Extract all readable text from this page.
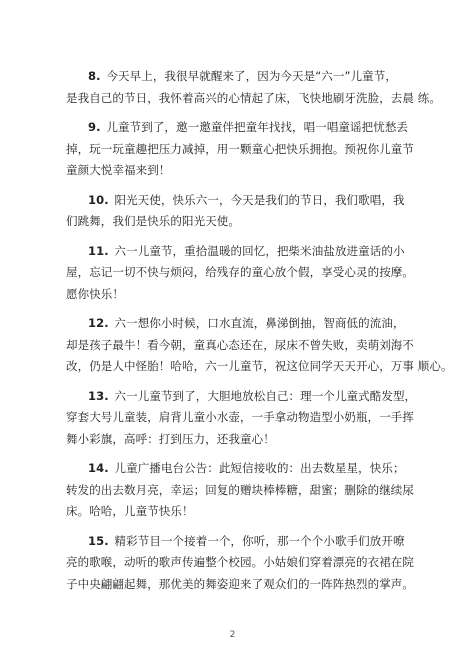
8.  今天早上，我很早就醒来了，因为今天是“六一”儿童节，
是我自己的节日，我怀着高兴的心情起了床，飞快地刷牙洗脸，去晨 练。
9.  儿童节到了，邀一邀童伴把童年找找，唱一唱童谣把忧愁丢
掉，玩一玩童趣把压力减掉，用一颗童心把快乐拥抱。预祝你儿童节
童颜大悦幸福来到！
10.  阳光天使，快乐六一，今天是我们的节日，我们歌唱，我
们跳舞，我们是快乐的阳光天使。
11.  六一儿童节，重拾温暖的回忆，把柴米油盐放进童话的小
屋，忘记一切不快与烦闷，给残存的童心放个假，享受心灵的按摩。
愿你快乐！
12.  六一想你小时候，口水直流，鼻涕倒抽，智商低的流油，
却是孩子最牛！看今朝，童真心态还在，尿床不曾失败，卖萌刘海不
改，仍是人中怪胎！哈哈，六一儿童节，祝这位同学天天开心，万事 顺心。
13.  六一儿童节到了，大胆地放松自己：理一个儿童式酷发型，
穿套大号儿童装，肩背儿童小水壶，一手拿动物造型小奶瓶，一手挥
舞小彩旗，高呼：打到压力，还我童心！
14.  儿童广播电台公告：此短信接收的：出去数星星，快乐；
转发的出去数月亮，幸运；回复的赠块棒棒糖，甜蜜；删除的继续尿
床。哈哈，儿童节快乐！
15.  精彩节目一个接着一个，你听，那一个个小歌手们放开嘹
亮的歌喉，动听的歌声传遍整个校园。小姑娘们穿着漂亮的衣裙在院
子中央翩翩起舞，那优美的舞姿迎来了观众们的一阵阵热烈的掌声。
2
